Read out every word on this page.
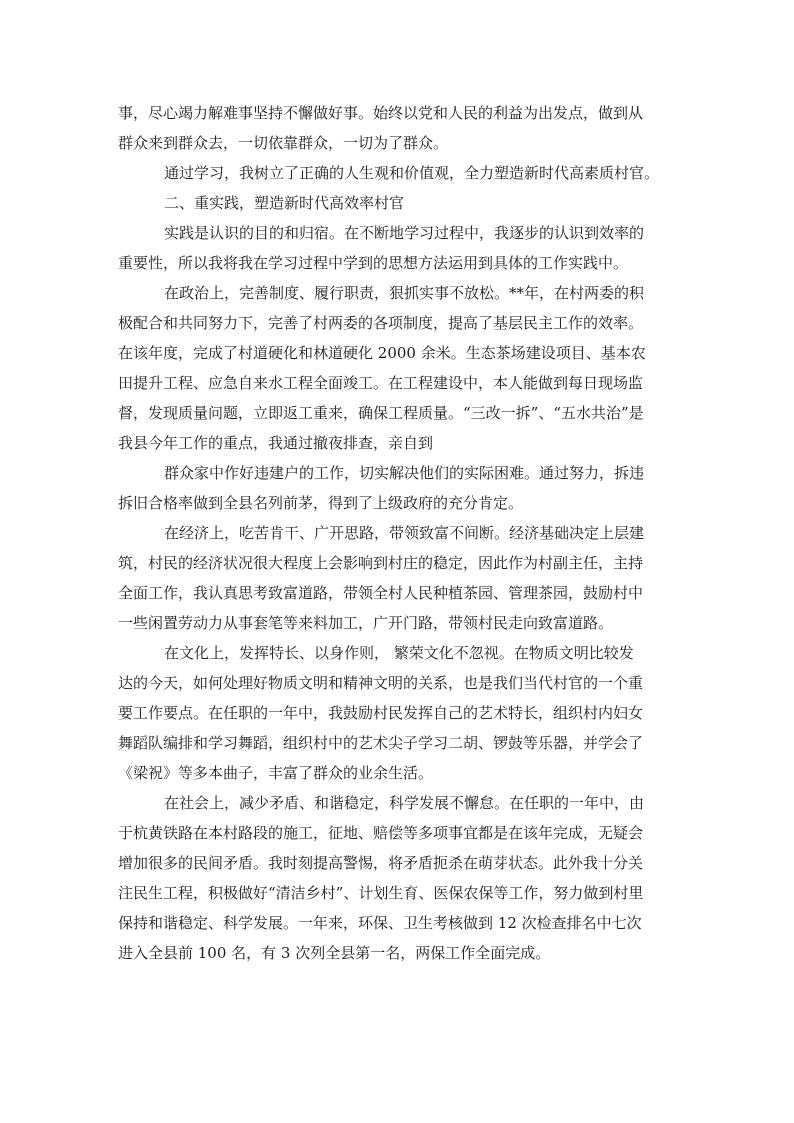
事，尽心竭力解难事坚持不懈做好事。始终以党和人民的利益为出发点，做到从
群众来到群众去，一切依靠群众，一切为了群众。
通过学习，我树立了正确的人生观和价值观，全力塑造新时代高素质村官。
二、重实践，塑造新时代高效率村官
实践是认识的目的和归宿。在不断地学习过程中，我逐步的认识到效率的
重要性，所以我将我在学习过程中学到的思想方法运用到具体的工作实践中。
在政治上，完善制度、履行职责，狠抓实事不放松。**年，在村两委的积
极配合和共同努力下，完善了村两委的各项制度，提高了基层民主工作的效率。
在该年度，完成了村道硬化和林道硬化 2000 余米。生态茶场建设项目、基本农
田提升工程、应急自来水工程全面竣工。在工程建设中，本人能做到每日现场监
督，发现质量问题，立即返工重来，确保工程质量。“三改一拆”、“五水共治”是
我县今年工作的重点，我通过撤夜排查，亲自到
群众家中作好违建户的工作，切实解决他们的实际困难。通过努力，拆违
拆旧合格率做到全县名列前茅，得到了上级政府的充分肯定。
在经济上，吃苦肯干、广开思路，带领致富不间断。经济基础决定上层建
筑，村民的经济状况很大程度上会影响到村庄的稳定，因此作为村副主任，主持
全面工作，我认真思考致富道路，带领全村人民种植茶园、管理茶园，鼓励村中
一些闲置劳动力从事套笔等来料加工，广开门路，带领村民走向致富道路。
在文化上，发挥特长、以身作则， 繁荣文化不忽视。在物质文明比较发
达的今天，如何处理好物质文明和精神文明的关系，也是我们当代村官的一个重
要工作要点。在任职的一年中，我鼓励村民发挥自己的艺术特长，组织村内妇女
舞蹈队编排和学习舞蹈，组织村中的艺术尖子学习二胡、锣鼓等乐器，并学会了
《梁祝》等多本曲子，丰富了群众的业余生活。
在社会上，减少矛盾、和谐稳定，科学发展不懈怠。在任职的一年中，由
于杭黄铁路在本村路段的施工，征地、赔偿等多项事宜都是在该年完成，无疑会
增加很多的民间矛盾。我时刻提高警惕，将矛盾扼杀在萌芽状态。此外我十分关
注民生工程，积极做好“清洁乡村”、计划生育、医保农保等工作，努力做到村里
保持和谐稳定、科学发展。一年来，环保、卫生考核做到 12 次检查排名中七次
进入全县前 100 名，有 3 次列全县第一名，两保工作全面完成。
